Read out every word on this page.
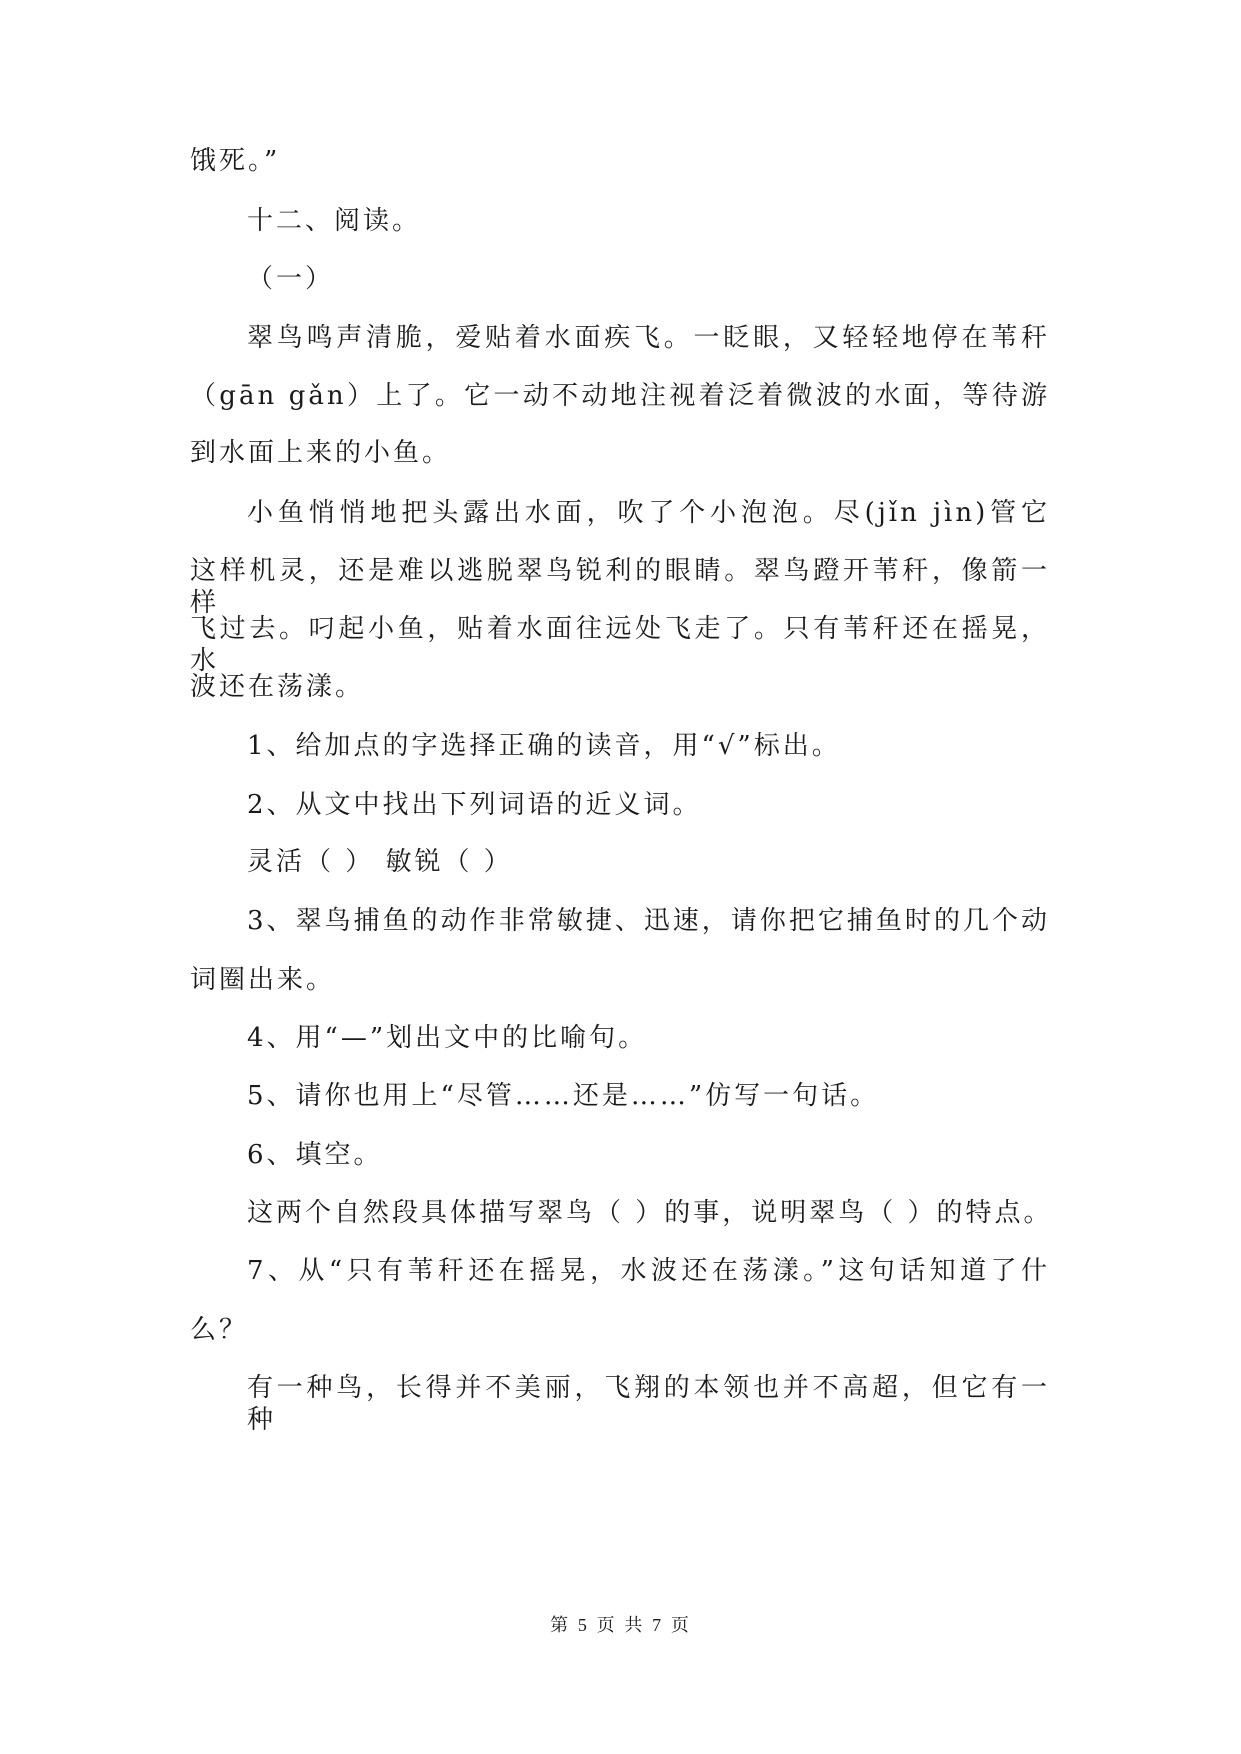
饿死。”
十二、阅读。
（一）
翠鸟鸣声清脆，爱贴着水面疾飞。一眨眼，又轻轻地停在苇秆
（gān gǎn）上了。它一动不动地注视着泛着微波的水面，等待游
到水面上来的小鱼。
小鱼悄悄地把头露出水面，吹了个小泡泡。尽(jǐn jìn)管它
这样机灵，还是难以逃脱翠鸟锐利的眼睛。翠鸟蹬开苇秆，像箭一样
飞过去。叼起小鱼，贴着水面往远处飞走了。只有苇秆还在摇晃，水
波还在荡漾。
1、给加点的字选择正确的读音，用“√”标出。
2、从文中找出下列词语的近义词。
灵活（ ） 敏锐（ ）
3、翠鸟捕鱼的动作非常敏捷、迅速，请你把它捕鱼时的几个动
词圈出来。
4、用“—”划出文中的比喻句。
5、请你也用上“尽管……还是……”仿写一句话。
6、填空。
这两个自然段具体描写翠鸟（ ）的事，说明翠鸟（ ）的特点。
7、从“只有苇秆还在摇晃，水波还在荡漾。”这句话知道了什
么？
有一种鸟，长得并不美丽，飞翔的本领也并不高超，但它有一种
第 5 页 共 7 页
